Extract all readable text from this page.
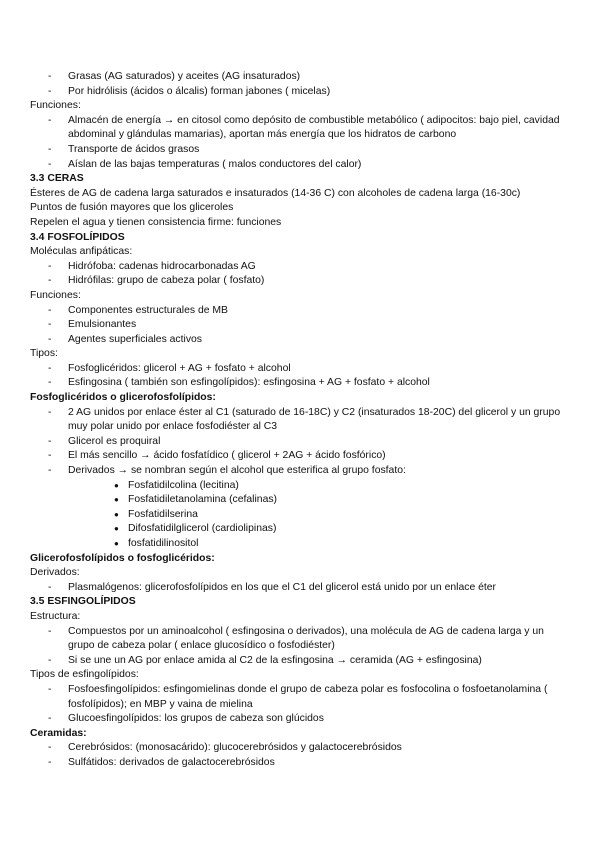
-	Grasas (AG saturados) y aceites (AG insaturados)
-	Por hidrólisis (ácidos o álcalis) forman jabones ( micelas)
Funciones:
-	Almacén de energía → en citosol como depósito de combustible metabólico ( adipocitos: bajo piel, cavidad abdominal y glándulas mamarias), aportan más energía que los hidratos de carbono
-	Transporte de ácidos grasos
-	Aíslan de las bajas temperaturas ( malos conductores del calor)
3.3 CERAS
Ésteres de AG de cadena larga saturados e insaturados (14-36 C) con alcoholes de cadena larga (16-30c)
Puntos de fusión mayores que los gliceroles
Repelen el agua y tienen consistencia firme: funciones
3.4 FOSFOLÍPIDOS
Moléculas anfipáticas:
-	Hidrófoba: cadenas hidrocarbonadas AG
-	Hidrófilas: grupo de cabeza polar ( fosfato)
Funciones:
-	Componentes estructurales de MB
-	Emulsionantes
-	Agentes superficiales activos
Tipos:
-	Fosfoglicéridos: glicerol + AG + fosfato + alcohol
-	Esfingosina ( también son esfingolípidos): esfingosina + AG + fosfato + alcohol
Fosfoglicéridos o glicerofosfolípidos:
-	2 AG unidos por enlace éster al C1 (saturado de 16-18C) y C2 (insaturados 18-20C) del glicerol y un grupo muy polar unido por enlace fosfodiéster al C3
-	Glicerol es proquiral
-	El más sencillo → ácido fosfatídico ( glicerol + 2AG + ácido fosfórico)
-	Derivados → se nombran según el alcohol que esterifica al grupo fosfato:
● Fosfatidilcolina (lecitina)
● Fosfatidiletanolamina (cefalinas)
● Fosfatidilserina
● Difosfatidilglicerol (cardiolipinas)
● fosfatidilinositol
Glicerofosfolípidos o fosfoglicéridos:
Derivados:
-	Plasmalógenos: glicerofosfolípidos en los que el C1 del glicerol está unido por un enlace éter
3.5 ESFINGOLÍPIDOS
Estructura:
-	Compuestos por un aminoalcohol ( esfingosina o derivados), una molécula de AG de cadena larga y un grupo de cabeza polar ( enlace glucosídico o fosfodiéster)
-	Si se une un AG por enlace amida al C2 de la esfingosina → ceramida (AG + esfingosina)
Tipos de esfingolípidos:
-	Fosfoesfingolípidos: esfingomielinas donde el grupo de cabeza polar es fosfocolina o fosfoetanolamina ( fosfolípidos); en MBP y vaina de mielina
-	Glucoesfingolípidos: los grupos de cabeza son glúcidos
Ceramidas:
-	Cerebrósidos: (monosacárido): glucocerebrósidos y galactocerebrósidos
-	Sulfátidos: derivados de galactocerebrósidos
